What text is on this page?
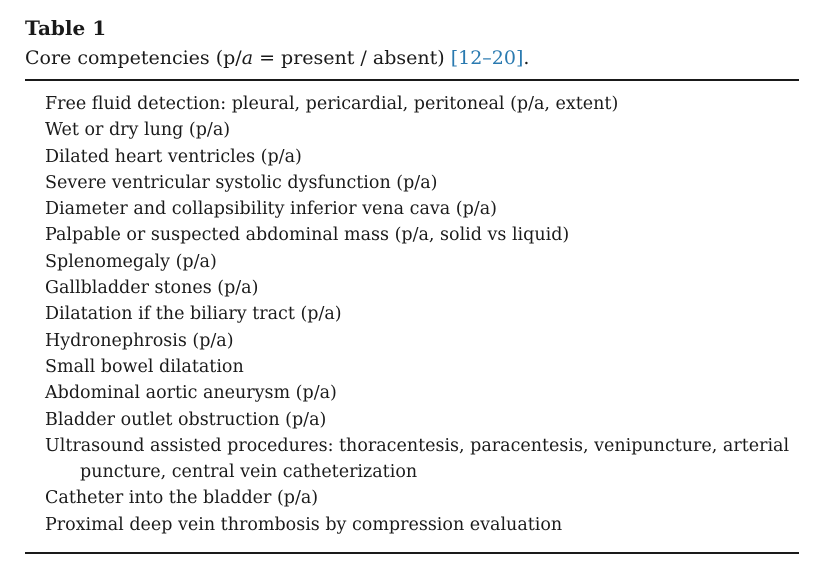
Table 1
Core competencies (p/a = present / absent) [12–20].
Free fluid detection: pleural, pericardial, peritoneal (p/a, extent)
Wet or dry lung (p/a)
Dilated heart ventricles (p/a)
Severe ventricular systolic dysfunction (p/a)
Diameter and collapsibility inferior vena cava (p/a)
Palpable or suspected abdominal mass (p/a, solid vs liquid)
Splenomegaly (p/a)
Gallbladder stones (p/a)
Dilatation if the biliary tract (p/a)
Hydronephrosis (p/a)
Small bowel dilatation
Abdominal aortic aneurysm (p/a)
Bladder outlet obstruction (p/a)
Ultrasound assisted procedures: thoracentesis, paracentesis, venipuncture, arterial puncture, central vein catheterization
Catheter into the bladder (p/a)
Proximal deep vein thrombosis by compression evaluation
